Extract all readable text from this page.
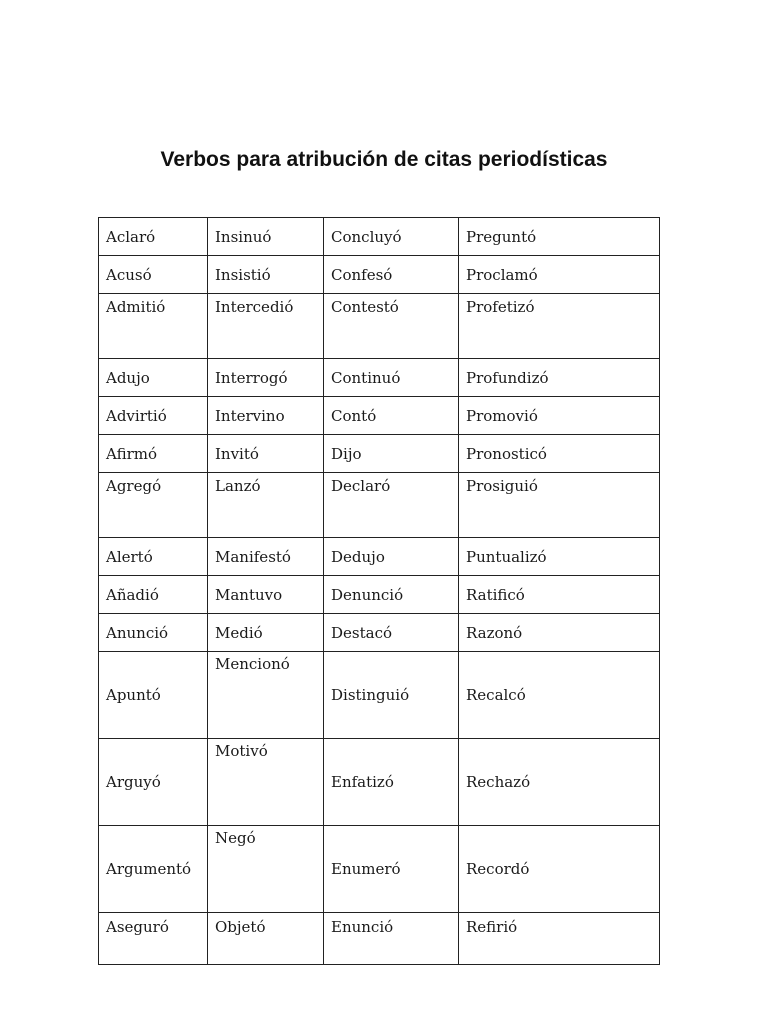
Verbos para atribución de citas periodísticas
Aclaró	Insinuó	Concluyó	Preguntó
Acusó	Insistió	Confesó	Proclamó
Admitió	Intercedió	Contestó	Profetizó
Adujo	Interrogó	Continuó	Profundizó
Advirtió	Intervino	Contó	Promovió
Afirmó	Invitó	Dijo	Pronosticó
Agregó	Lanzó	Declaró	Prosiguió
Alertó	Manifestó	Dedujo	Puntualizó
Añadió	Mantuvo	Denunció	Ratificó
Anunció	Medió	Destacó	Razonó
Apuntó	Mencionó	Distinguió	Recalcó
Arguyó	Motivó	Enfatizó	Rechazó
Argumentó	Negó	Enumeró	Recordó
Aseguró	Objetó	Enunció	Refirió
